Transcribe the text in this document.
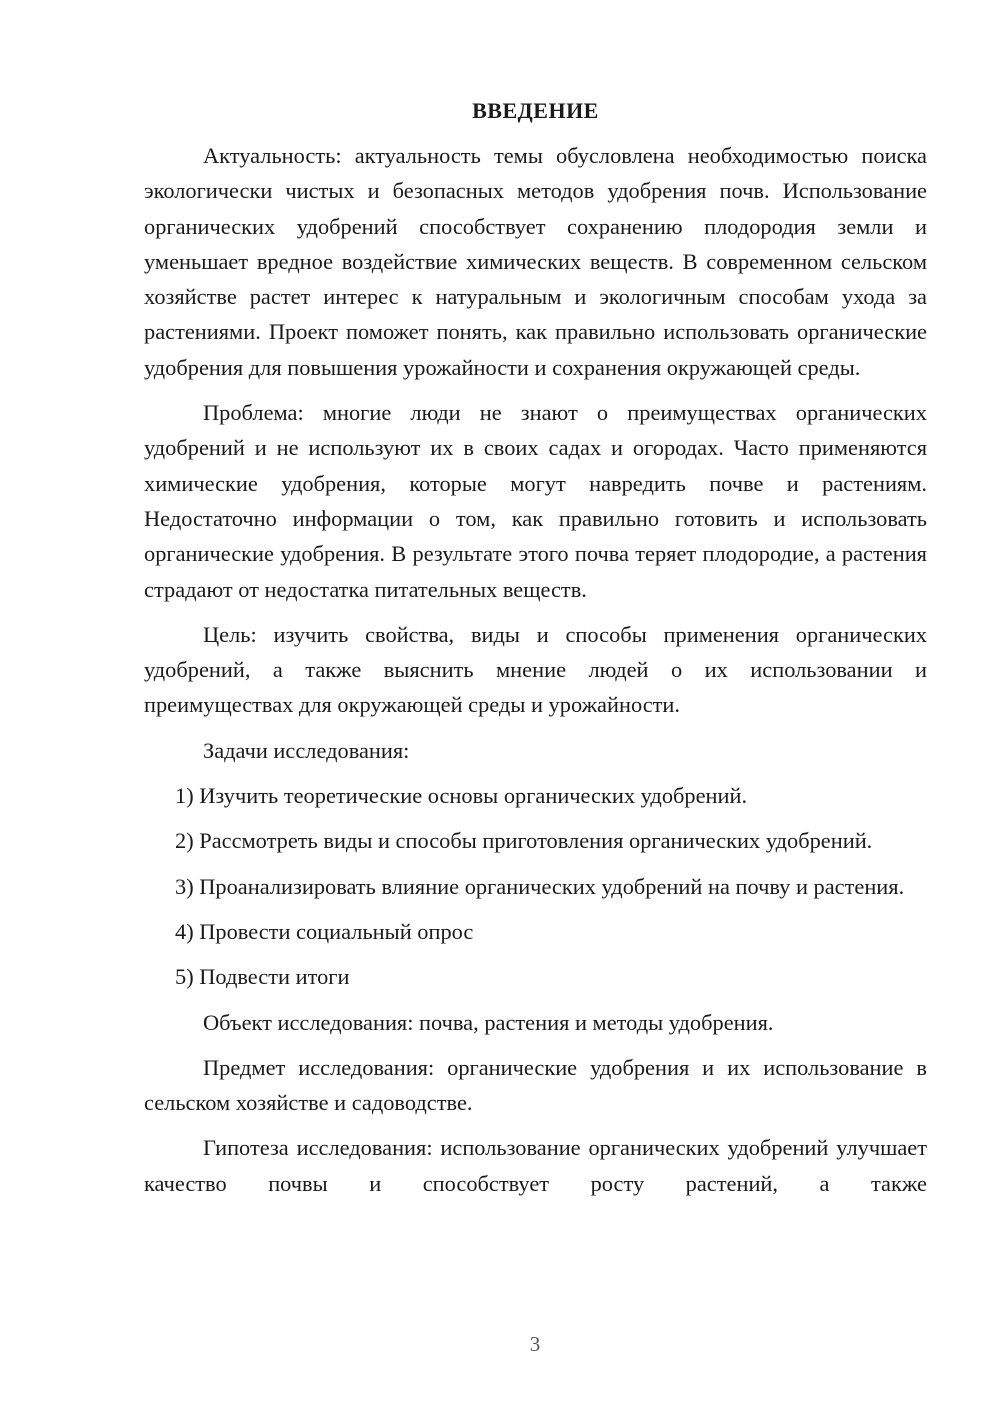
ВВЕДЕНИЕ

Актуальность: актуальность темы обусловлена необходимостью поиска экологически чистых и безопасных методов удобрения почв. Использование органических удобрений способствует сохранению плодородия земли и уменьшает вредное воздействие химических веществ. В современном сельском хозяйстве растет интерес к натуральным и экологичным способам ухода за растениями. Проект поможет понять, как правильно использовать органические удобрения для повышения урожайности и сохранения окружающей среды.

Проблема: многие люди не знают о преимуществах органических удобрений и не используют их в своих садах и огородах. Часто применяются химические удобрения, которые могут навредить почве и растениям. Недостаточно информации о том, как правильно готовить и использовать органические удобрения. В результате этого почва теряет плодородие, а растения страдают от недостатка питательных веществ.

Цель: изучить свойства, виды и способы применения органических удобрений, а также выяснить мнение людей о их использовании и преимуществах для окружающей среды и урожайности.

Задачи исследования:

1) Изучить теоретические основы органических удобрений.

2) Рассмотреть виды и способы приготовления органических удобрений.

3) Проанализировать влияние органических удобрений на почву и растения.

4) Провести социальный опрос

5) Подвести итоги

Объект исследования: почва, растения и методы удобрения.

Предмет исследования: органические удобрения и их использование в сельском хозяйстве и садоводстве.

Гипотеза исследования: использование органических удобрений улучшает качество почвы и способствует росту растений, а также

3
